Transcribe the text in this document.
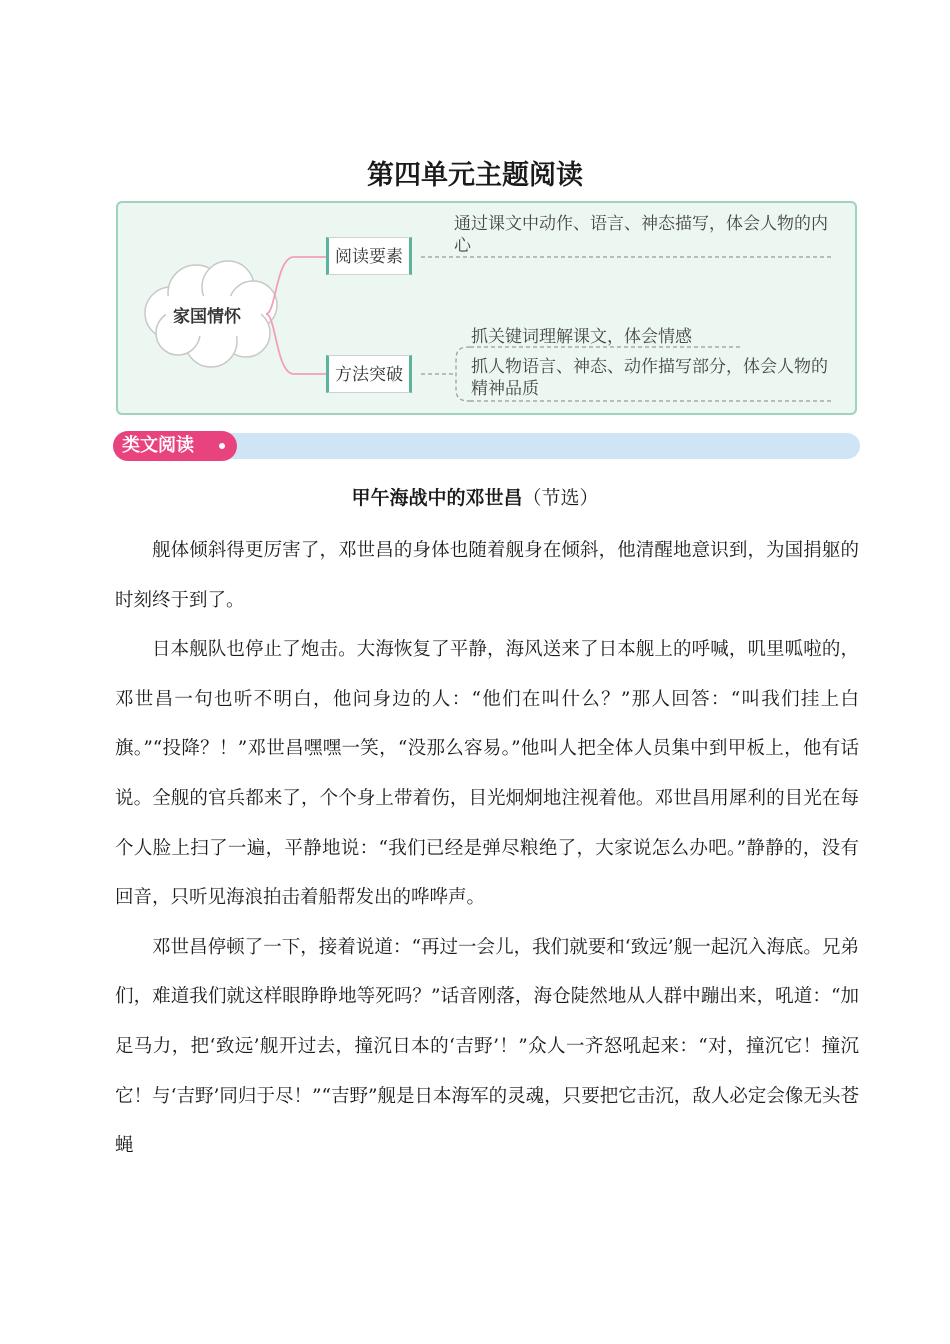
第四单元主题阅读
家国情怀
阅读要素
通过课文中动作、语言、神态描写，体会人物的内心
方法突破
抓关键词理解课文，体会情感
抓人物语言、神态、动作描写部分，体会人物的精神品质
类文阅读
甲午海战中的邓世昌（节选）

舰体倾斜得更厉害了，邓世昌的身体也随着舰身在倾斜，他清醒地意识到，为国捐躯的时刻终于到了。

日本舰队也停止了炮击。大海恢复了平静，海风送来了日本舰上的呼喊，叽里呱啦的，邓世昌一句也听不明白，他问身边的人：“他们在叫什么？”那人回答：“叫我们挂上白旗。”“投降？！”邓世昌嘿嘿一笑，“没那么容易。”他叫人把全体人员集中到甲板上，他有话说。全舰的官兵都来了，个个身上带着伤，目光炯炯地注视着他。邓世昌用犀利的目光在每个人脸上扫了一遍，平静地说：“我们已经是弹尽粮绝了，大家说怎么办吧。”静静的，没有回音，只听见海浪拍击着船帮发出的哗哗声。

邓世昌停顿了一下，接着说道：“再过一会儿，我们就要和‘致远’舰一起沉入海底。兄弟们，难道我们就这样眼睁睁地等死吗？”话音刚落，海仓陡然地从人群中蹦出来，吼道：“加足马力，把‘致远’舰开过去，撞沉日本的‘吉野’！”众人一齐怒吼起来：“对，撞沉它！撞沉它！与‘吉野’同归于尽！”“吉野”舰是日本海军的灵魂，只要把它击沉，敌人必定会像无头苍蝇
